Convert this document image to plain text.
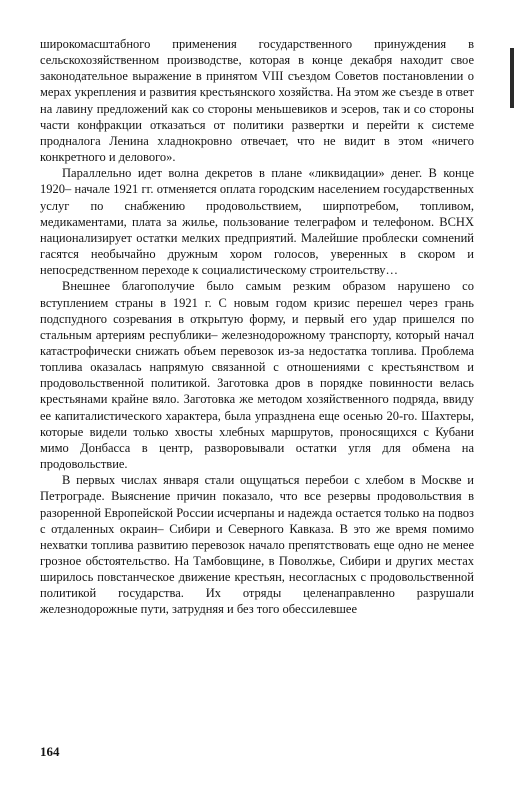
широкомасштабного применения государственного принуждения в сельскохозяйственном производстве, которая в конце декабря находит свое законодательное выражение в принятом VIII съездом Советов постановлении о мерах укрепления и развития крестьянского хозяйства. На этом же съезде в ответ на лавину предложений как со стороны меньшевиков и эсеров, так и со стороны части конфракции отказаться от политики развертки и перейти к системе продналога Ленина хладнокровно отвечает, что не видит в этом «ничего конкретного и делового».

Параллельно идет волна декретов в плане «ликвидации» денег. В конце 1920– начале 1921 гг. отменяется оплата городским населением государственных услуг по снабжению продовольствием, ширпотребом, топливом, медикаментами, плата за жилье, пользование телеграфом и телефоном. ВСНХ национализирует остатки мелких предприятий. Малейшие проблески сомнений гасятся необычайно дружным хором голосов, уверенных в скором и непосредственном переходе к социалистическому строительству…

Внешнее благополучие было самым резким образом нарушено со вступлением страны в 1921 г. С новым годом кризис перешел через грань подспудного созревания в открытую форму, и первый его удар пришелся по стальным артериям республики– железнодорожному транспорту, который начал катастрофически снижать объем перевозок из-за недостатка топлива. Проблема топлива оказалась напрямую связанной с отношениями с крестьянством и продовольственной политикой. Заготовка дров в порядке повинности велась крестьянами крайне вяло. Заготовка же методом хозяйственного подряда, ввиду ее капиталистического характера, была упразднена еще осенью 20-го. Шахтеры, которые видели только хвосты хлебных маршрутов, проносящихся с Кубани мимо Донбасса в центр, разворовывали остатки угля для обмена на продовольствие.

В первых числах января стали ощущаться перебои с хлебом в Москве и Петрограде. Выяснение причин показало, что все резервы продовольствия в разоренной Европейской России исчерпаны и надежда остается только на подвоз с отдаленных окраин– Сибири и Северного Кавказа. В это же время помимо нехватки топлива развитию перевозок начало препятствовать еще одно не менее грозное обстоятельство. На Тамбовщине, в Поволжье, Сибири и других местах ширилось повстанческое движение крестьян, несогласных с продовольственной политикой государства. Их отряды целенаправленно разрушали железнодорожные пути, затрудняя и без того обессилевшее

164
